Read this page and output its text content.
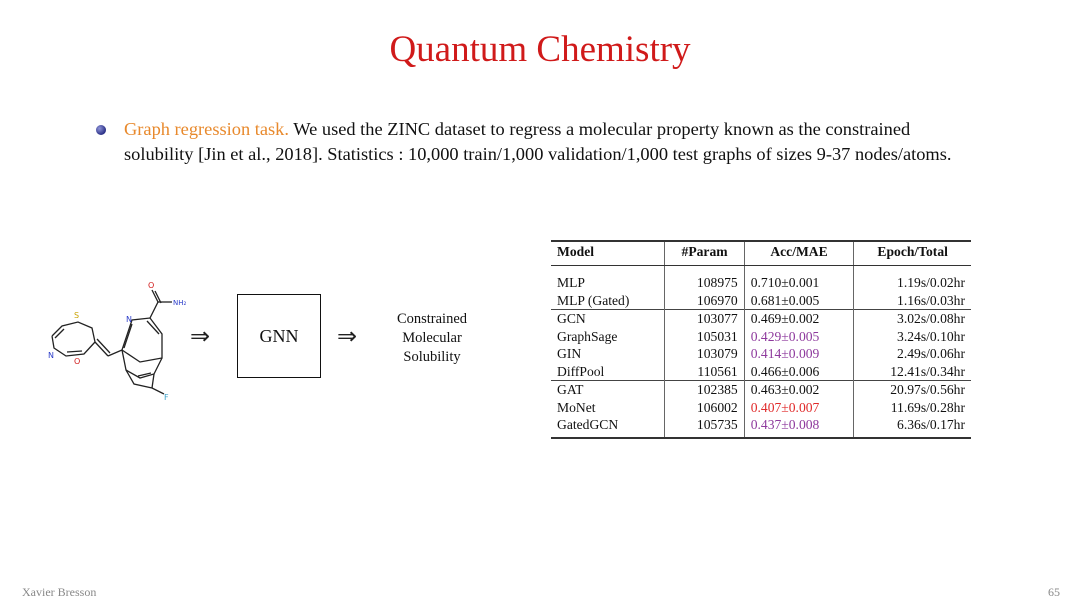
Quantum Chemistry
Graph regression task. We used the ZINC dataset to regress a molecular property known as the constrained solubility [Jin et al., 2018]. Statistics : 10,000 train/1,000 validation/1,000 test graphs of sizes 9-37 nodes/atoms.
S
N
O
N
O
NH₂
F
⇒	GNN ⇒
Constrained
Molecular
Solubility
Model	#Param	Acc/MAE	Epoch/Total
MLP	108975	0.710±0.001	1.19s/0.02hr
MLP (Gated)	106970	0.681±0.005	1.16s/0.03hr
GCN	103077	0.469±0.002	3.02s/0.08hr
GraphSage	105031	0.429±0.005	3.24s/0.10hr
GIN	103079	0.414±0.009	2.49s/0.06hr
DiffPool	110561	0.466±0.006	12.41s/0.34hr
GAT	102385	0.463±0.002	20.97s/0.56hr
MoNet	106002	0.407±0.007	11.69s/0.28hr
GatedGCN	105735	0.437±0.008	6.36s/0.17hr
Xavier Bresson	65
